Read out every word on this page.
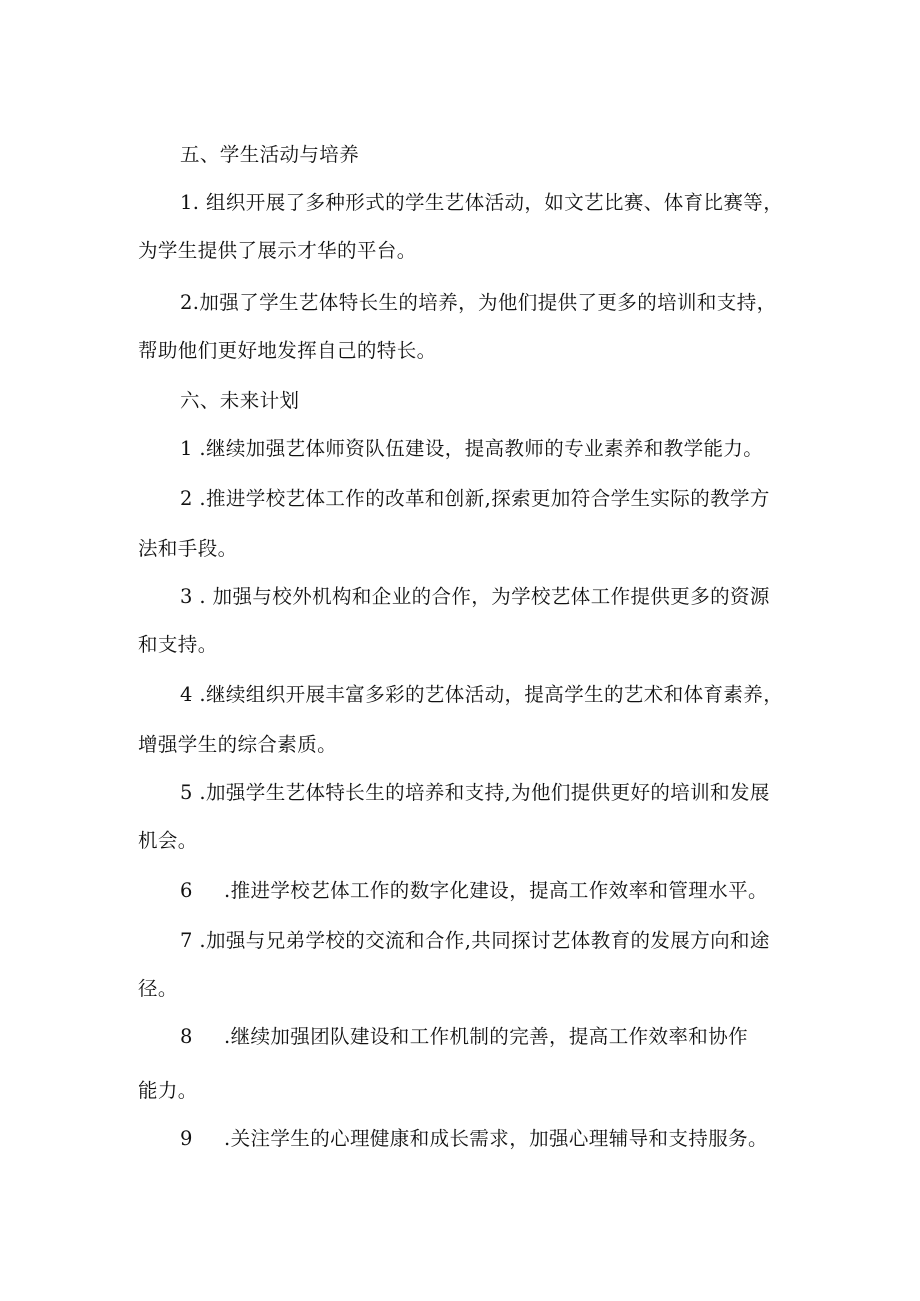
五、学生活动与培养

1. 组织开展了多种形式的学生艺体活动，如文艺比赛、体育比赛等，

为学生提供了展示才华的平台。

2.加强了学生艺体特长生的培养，为他们提供了更多的培训和支持，

帮助他们更好地发挥自己的特长。

六、未来计划

1 .继续加强艺体师资队伍建设，提高教师的专业素养和教学能力。

2 .推进学校艺体工作的改革和创新,探索更加符合学生实际的教学方

法和手段。

3 . 加强与校外机构和企业的合作，为学校艺体工作提供更多的资源

和支持。

4 .继续组织开展丰富多彩的艺体活动，提高学生的艺术和体育素养，

增强学生的综合素质。

5 .加强学生艺体特长生的培养和支持,为他们提供更好的培训和发展

机会。

6 .推进学校艺体工作的数字化建设，提高工作效率和管理水平。

7 .加强与兄弟学校的交流和合作,共同探讨艺体教育的发展方向和途

径。

8 .继续加强团队建设和工作机制的完善，提高工作效率和协作

能力。

9 .关注学生的心理健康和成长需求，加强心理辅导和支持服务。
